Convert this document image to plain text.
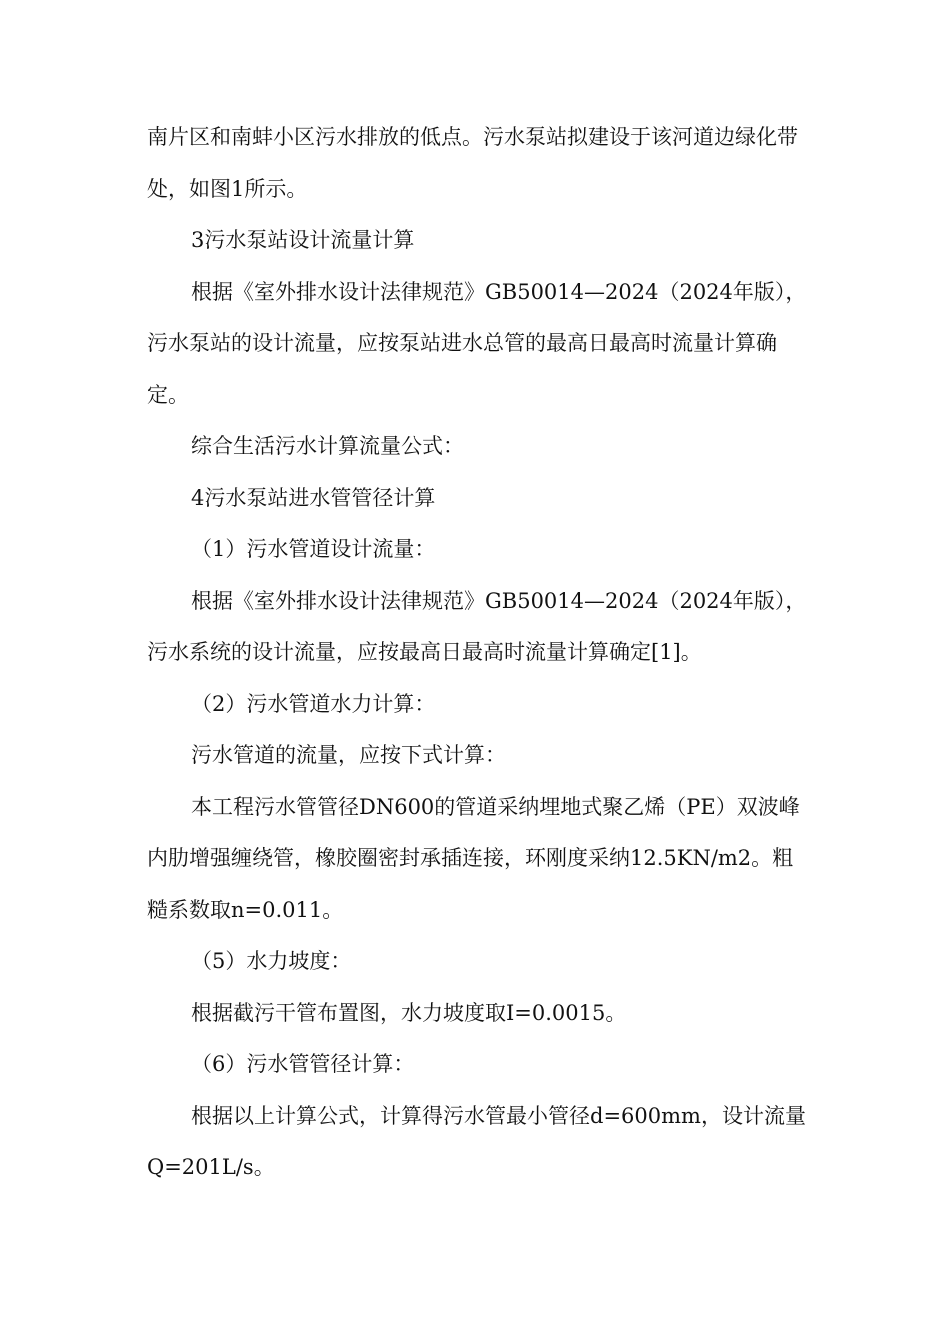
南片区和南蚌小区污水排放的低点。污水泵站拟建设于该河道边绿化带处，如图1所示。

3污水泵站设计流量计算

根据《室外排水设计法律规范》GB50014—2024（2024年版），污水泵站的设计流量，应按泵站进水总管的最高日最高时流量计算确定。

综合生活污水计算流量公式：

4污水泵站进水管管径计算

（1）污水管道设计流量：

根据《室外排水设计法律规范》GB50014—2024（2024年版），污水系统的设计流量，应按最高日最高时流量计算确定[1]。

（2）污水管道水力计算：

污水管道的流量，应按下式计算：

本工程污水管管径DN600的管道采纳埋地式聚乙烯（PE）双波峰内肋增强缠绕管，橡胶圈密封承插连接，环刚度采纳12.5KN/m2。粗糙系数取n=0.011。

（5）水力坡度：

根据截污干管布置图，水力坡度取I=0.0015。

（6）污水管管径计算：

根据以上计算公式，计算得污水管最小管径d=600mm，设计流量Q=201L/s。
